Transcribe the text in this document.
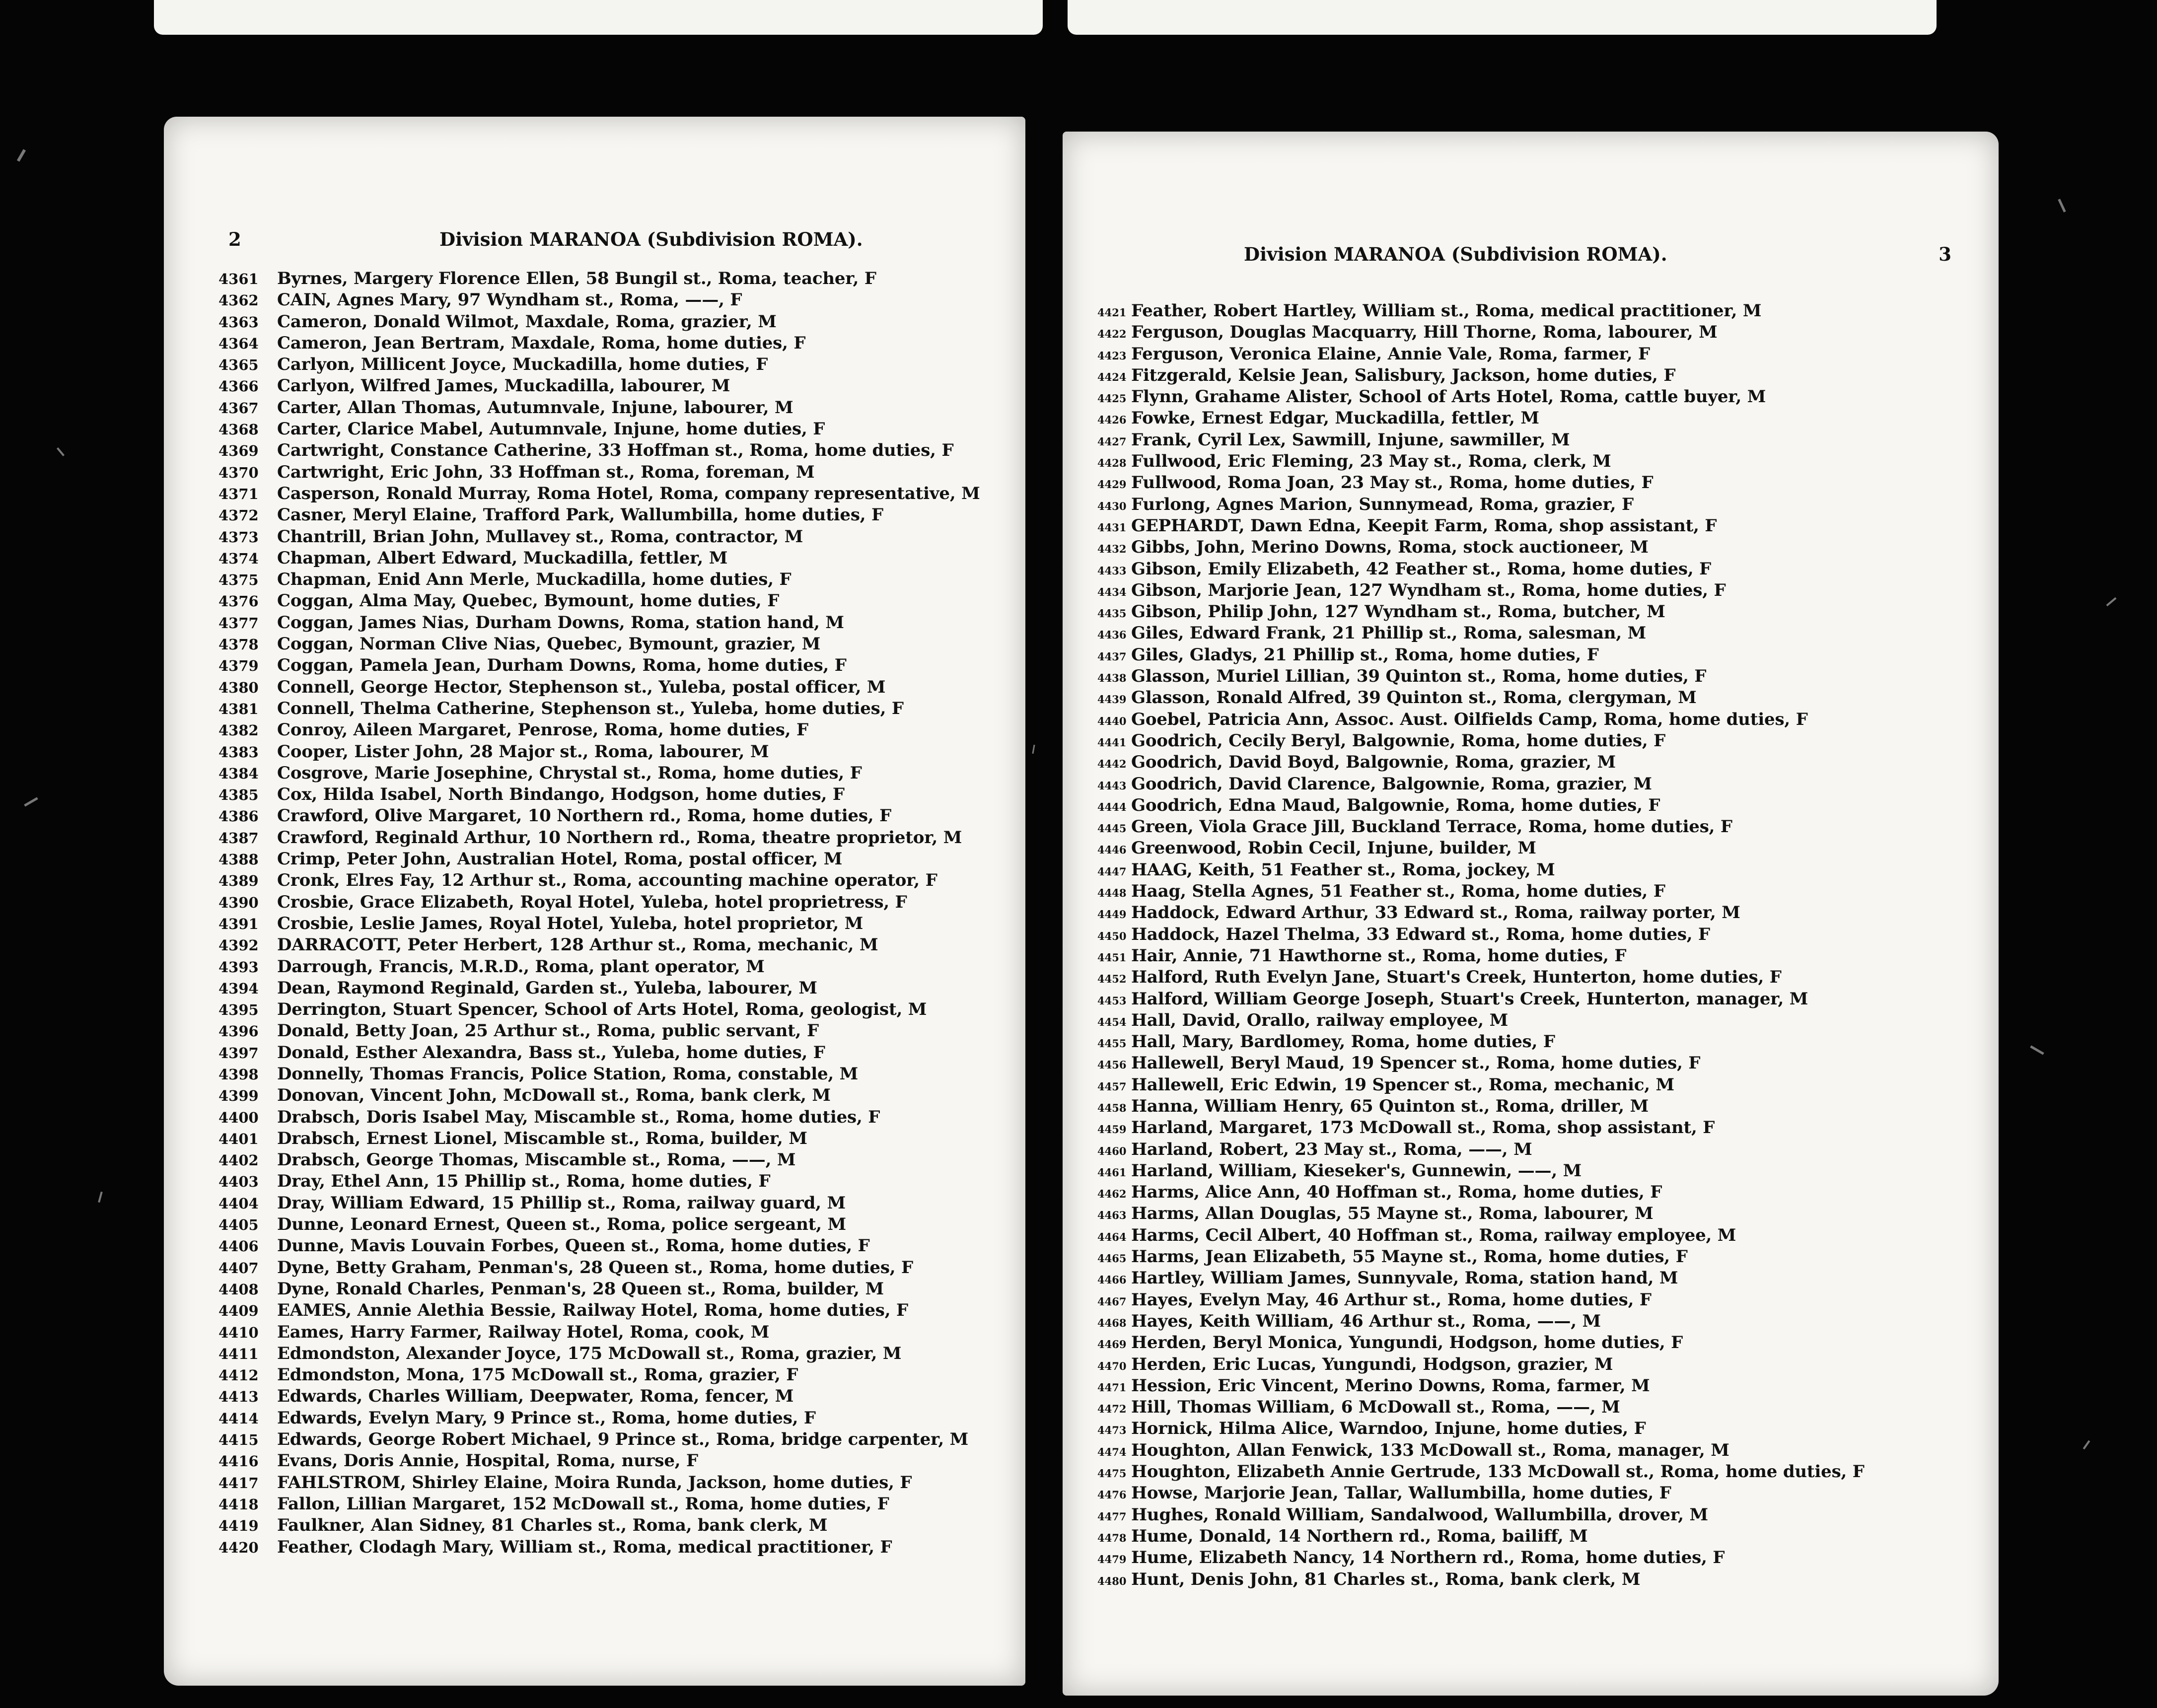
2	Division MARANOA (Subdivision ROMA).
4361	Byrnes, Margery Florence Ellen, 58 Bungil st., Roma, teacher, F
4362	CAIN, Agnes Mary, 97 Wyndham st., Roma, ——, F
4363	Cameron, Donald Wilmot, Maxdale, Roma, grazier, M
4364	Cameron, Jean Bertram, Maxdale, Roma, home duties, F
4365	Carlyon, Millicent Joyce, Muckadilla, home duties, F
4366	Carlyon, Wilfred James, Muckadilla, labourer, M
4367	Carter, Allan Thomas, Autumnvale, Injune, labourer, M
4368	Carter, Clarice Mabel, Autumnvale, Injune, home duties, F
4369	Cartwright, Constance Catherine, 33 Hoffman st., Roma, home duties, F
4370	Cartwright, Eric John, 33 Hoffman st., Roma, foreman, M
4371	Casperson, Ronald Murray, Roma Hotel, Roma, company representative, M
4372	Casner, Meryl Elaine, Trafford Park, Wallumbilla, home duties, F
4373	Chantrill, Brian John, Mullavey st., Roma, contractor, M
4374	Chapman, Albert Edward, Muckadilla, fettler, M
4375	Chapman, Enid Ann Merle, Muckadilla, home duties, F
4376	Coggan, Alma May, Quebec, Bymount, home duties, F
4377	Coggan, James Nias, Durham Downs, Roma, station hand, M
4378	Coggan, Norman Clive Nias, Quebec, Bymount, grazier, M
4379	Coggan, Pamela Jean, Durham Downs, Roma, home duties, F
4380	Connell, George Hector, Stephenson st., Yuleba, postal officer, M
4381	Connell, Thelma Catherine, Stephenson st., Yuleba, home duties, F
4382	Conroy, Aileen Margaret, Penrose, Roma, home duties, F
4383	Cooper, Lister John, 28 Major st., Roma, labourer, M
4384	Cosgrove, Marie Josephine, Chrystal st., Roma, home duties, F
4385	Cox, Hilda Isabel, North Bindango, Hodgson, home duties, F
4386	Crawford, Olive Margaret, 10 Northern rd., Roma, home duties, F
4387	Crawford, Reginald Arthur, 10 Northern rd., Roma, theatre proprietor, M
4388	Crimp, Peter John, Australian Hotel, Roma, postal officer, M
4389	Cronk, Elres Fay, 12 Arthur st., Roma, accounting machine operator, F
4390	Crosbie, Grace Elizabeth, Royal Hotel, Yuleba, hotel proprietress, F
4391	Crosbie, Leslie James, Royal Hotel, Yuleba, hotel proprietor, M
4392	DARRACOTT, Peter Herbert, 128 Arthur st., Roma, mechanic, M
4393	Darrough, Francis, M.R.D., Roma, plant operator, M
4394	Dean, Raymond Reginald, Garden st., Yuleba, labourer, M
4395	Derrington, Stuart Spencer, School of Arts Hotel, Roma, geologist, M
4396	Donald, Betty Joan, 25 Arthur st., Roma, public servant, F
4397	Donald, Esther Alexandra, Bass st., Yuleba, home duties, F
4398	Donnelly, Thomas Francis, Police Station, Roma, constable, M
4399	Donovan, Vincent John, McDowall st., Roma, bank clerk, M
4400	Drabsch, Doris Isabel May, Miscamble st., Roma, home duties, F
4401	Drabsch, Ernest Lionel, Miscamble st., Roma, builder, M
4402	Drabsch, George Thomas, Miscamble st., Roma, ——, M
4403	Dray, Ethel Ann, 15 Phillip st., Roma, home duties, F
4404	Dray, William Edward, 15 Phillip st., Roma, railway guard, M
4405	Dunne, Leonard Ernest, Queen st., Roma, police sergeant, M
4406	Dunne, Mavis Louvain Forbes, Queen st., Roma, home duties, F
4407	Dyne, Betty Graham, Penman's, 28 Queen st., Roma, home duties, F
4408	Dyne, Ronald Charles, Penman's, 28 Queen st., Roma, builder, M
4409	EAMES, Annie Alethia Bessie, Railway Hotel, Roma, home duties, F
4410	Eames, Harry Farmer, Railway Hotel, Roma, cook, M
4411	Edmondston, Alexander Joyce, 175 McDowall st., Roma, grazier, M
4412	Edmondston, Mona, 175 McDowall st., Roma, grazier, F
4413	Edwards, Charles William, Deepwater, Roma, fencer, M
4414	Edwards, Evelyn Mary, 9 Prince st., Roma, home duties, F
4415	Edwards, George Robert Michael, 9 Prince st., Roma, bridge carpenter, M
4416	Evans, Doris Annie, Hospital, Roma, nurse, F
4417	FAHLSTROM, Shirley Elaine, Moira Runda, Jackson, home duties, F
4418	Fallon, Lillian Margaret, 152 McDowall st., Roma, home duties, F
4419	Faulkner, Alan Sidney, 81 Charles st., Roma, bank clerk, M
4420	Feather, Clodagh Mary, William st., Roma, medical practitioner, F
Division MARANOA (Subdivision ROMA).	3
4421 Feather, Robert Hartley, William st., Roma, medical practitioner, M
4422 Ferguson, Douglas Macquarry, Hill Thorne, Roma, labourer, M
4423 Ferguson, Veronica Elaine, Annie Vale, Roma, farmer, F
4424 Fitzgerald, Kelsie Jean, Salisbury, Jackson, home duties, F
4425 Flynn, Grahame Alister, School of Arts Hotel, Roma, cattle buyer, M
4426 Fowke, Ernest Edgar, Muckadilla, fettler, M
4427 Frank, Cyril Lex, Sawmill, Injune, sawmiller, M
4428 Fullwood, Eric Fleming, 23 May st., Roma, clerk, M
4429 Fullwood, Roma Joan, 23 May st., Roma, home duties, F
4430 Furlong, Agnes Marion, Sunnymead, Roma, grazier, F
4431 GEPHARDT, Dawn Edna, Keepit Farm, Roma, shop assistant, F
4432 Gibbs, John, Merino Downs, Roma, stock auctioneer, M
4433 Gibson, Emily Elizabeth, 42 Feather st., Roma, home duties, F
4434 Gibson, Marjorie Jean, 127 Wyndham st., Roma, home duties, F
4435 Gibson, Philip John, 127 Wyndham st., Roma, butcher, M
4436 Giles, Edward Frank, 21 Phillip st., Roma, salesman, M
4437 Giles, Gladys, 21 Phillip st., Roma, home duties, F
4438 Glasson, Muriel Lillian, 39 Quinton st., Roma, home duties, F
4439 Glasson, Ronald Alfred, 39 Quinton st., Roma, clergyman, M
4440 Goebel, Patricia Ann, Assoc. Aust. Oilfields Camp, Roma, home duties, F
4441 Goodrich, Cecily Beryl, Balgownie, Roma, home duties, F
4442 Goodrich, David Boyd, Balgownie, Roma, grazier, M
4443 Goodrich, David Clarence, Balgownie, Roma, grazier, M
4444 Goodrich, Edna Maud, Balgownie, Roma, home duties, F
4445 Green, Viola Grace Jill, Buckland Terrace, Roma, home duties, F
4446 Greenwood, Robin Cecil, Injune, builder, M
4447 HAAG, Keith, 51 Feather st., Roma, jockey, M
4448 Haag, Stella Agnes, 51 Feather st., Roma, home duties, F
4449 Haddock, Edward Arthur, 33 Edward st., Roma, railway porter, M
4450 Haddock, Hazel Thelma, 33 Edward st., Roma, home duties, F
4451 Hair, Annie, 71 Hawthorne st., Roma, home duties, F
4452 Halford, Ruth Evelyn Jane, Stuart's Creek, Hunterton, home duties, F
4453 Halford, William George Joseph, Stuart's Creek, Hunterton, manager, M
4454 Hall, David, Orallo, railway employee, M
4455 Hall, Mary, Bardlomey, Roma, home duties, F
4456 Hallewell, Beryl Maud, 19 Spencer st., Roma, home duties, F
4457 Hallewell, Eric Edwin, 19 Spencer st., Roma, mechanic, M
4458 Hanna, William Henry, 65 Quinton st., Roma, driller, M
4459 Harland, Margaret, 173 McDowall st., Roma, shop assistant, F
4460 Harland, Robert, 23 May st., Roma, ——, M
4461 Harland, William, Kieseker's, Gunnewin, ——, M
4462 Harms, Alice Ann, 40 Hoffman st., Roma, home duties, F
4463 Harms, Allan Douglas, 55 Mayne st., Roma, labourer, M
4464 Harms, Cecil Albert, 40 Hoffman st., Roma, railway employee, M
4465 Harms, Jean Elizabeth, 55 Mayne st., Roma, home duties, F
4466 Hartley, William James, Sunnyvale, Roma, station hand, M
4467 Hayes, Evelyn May, 46 Arthur st., Roma, home duties, F
4468 Hayes, Keith William, 46 Arthur st., Roma, ——, M
4469 Herden, Beryl Monica, Yungundi, Hodgson, home duties, F
4470 Herden, Eric Lucas, Yungundi, Hodgson, grazier, M
4471 Hession, Eric Vincent, Merino Downs, Roma, farmer, M
4472 Hill, Thomas William, 6 McDowall st., Roma, ——, M
4473 Hornick, Hilma Alice, Warndoo, Injune, home duties, F
4474 Houghton, Allan Fenwick, 133 McDowall st., Roma, manager, M
4475 Houghton, Elizabeth Annie Gertrude, 133 McDowall st., Roma, home duties, F
4476 Howse, Marjorie Jean, Tallar, Wallumbilla, home duties, F
4477 Hughes, Ronald William, Sandalwood, Wallumbilla, drover, M
4478 Hume, Donald, 14 Northern rd., Roma, bailiff, M
4479 Hume, Elizabeth Nancy, 14 Northern rd., Roma, home duties, F
4480 Hunt, Denis John, 81 Charles st., Roma, bank clerk, M
